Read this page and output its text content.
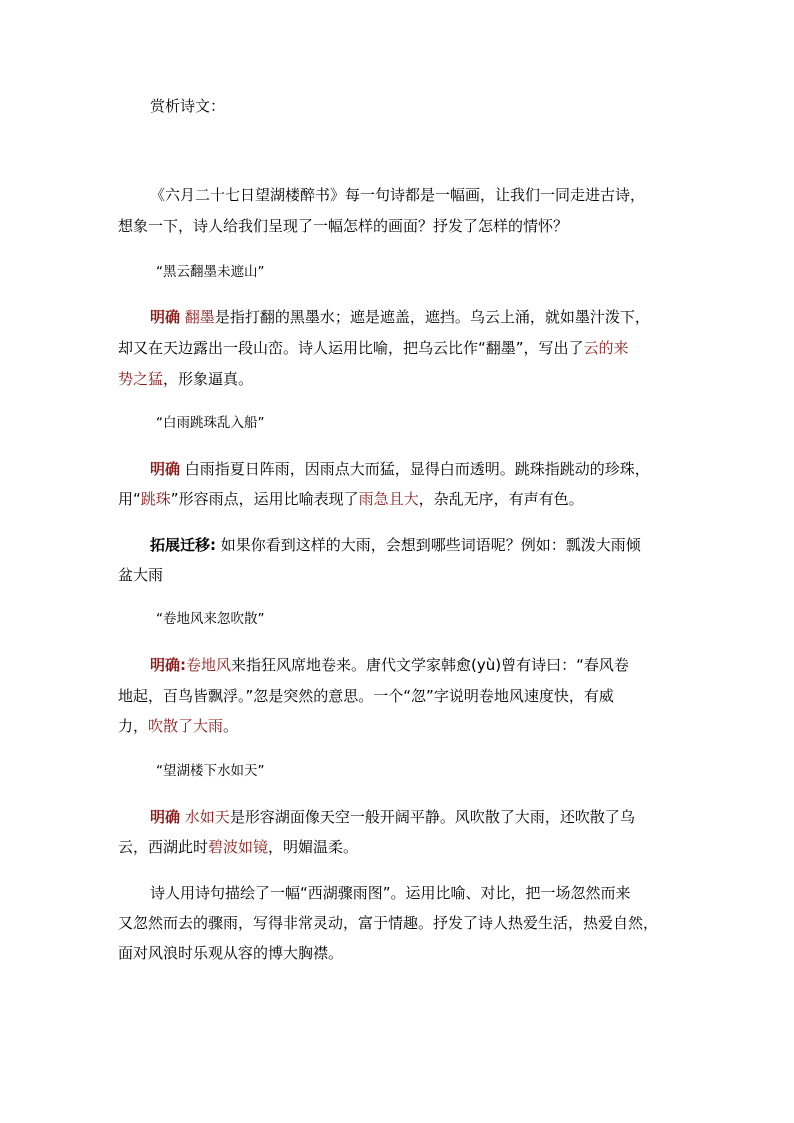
赏析诗文：
《六月二十七日望湖楼醉书》每一句诗都是一幅画，让我们一同走进古诗，
想象一下，诗人给我们呈现了一幅怎样的画面？抒发了怎样的情怀？
“黑云翻墨未遮山”
明确 翻墨是指打翻的黑墨水；遮是遮盖，遮挡。乌云上涌，就如墨汁泼下，
却又在天边露出一段山峦。诗人运用比喻，把乌云比作“翻墨”，写出了云的来
势之猛，形象逼真。
“白雨跳珠乱入船”
明确 白雨指夏日阵雨，因雨点大而猛，显得白而透明。跳珠指跳动的珍珠，
用“跳珠”形容雨点，运用比喻表现了雨急且大，杂乱无序，有声有色。
拓展迁移: 如果你看到这样的大雨，会想到哪些词语呢？例如：瓢泼大雨倾
盆大雨
“卷地风来忽吹散”
明确:卷地风来指狂风席地卷来。唐代文学家韩愈(yù)曾有诗曰：“春风卷
地起，百鸟皆飘浮。”忽是突然的意思。一个“忽”字说明卷地风速度快，有威
力，吹散了大雨。
“望湖楼下水如天”
明确 水如天是形容湖面像天空一般开阔平静。风吹散了大雨，还吹散了乌
云，西湖此时碧波如镜，明媚温柔。
诗人用诗句描绘了一幅“西湖骤雨图”。运用比喻、对比，把一场忽然而来
又忽然而去的骤雨，写得非常灵动，富于情趣。抒发了诗人热爱生活，热爱自然，
面对风浪时乐观从容的博大胸襟。
